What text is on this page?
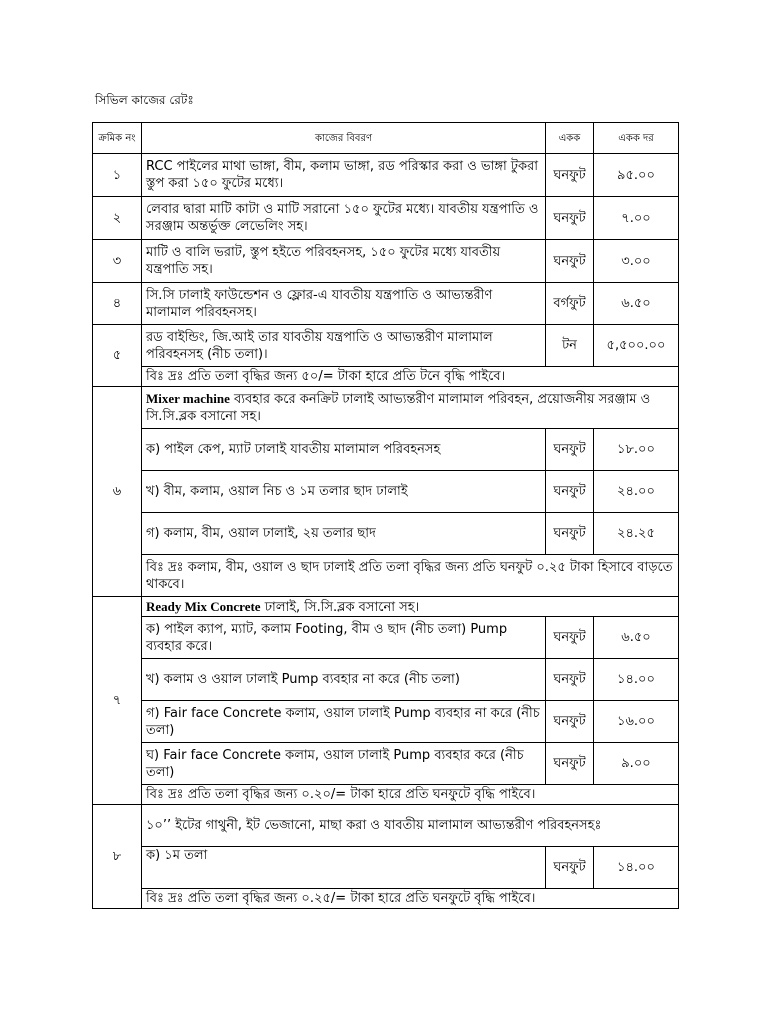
সিভিল কাজের রেটঃ
ক্রমিক নং	কাজের বিবরণ	একক	একক দর
১	RCC পাইলের মাথা ভাঙ্গা, বীম, কলাম ভাঙ্গা, রড পরিস্কার করা ও ভাঙ্গা টুকরা স্তুপ করা ১৫০ ফুটের মধ্যে।	ঘনফুট	৯৫.০০
২	লেবার দ্বারা মাটি কাটা ও মাটি সরানো ১৫০ ফুটের মধ্যে। যাবতীয় যন্ত্রপাতি ও সরঞ্জাম অন্তর্ভুক্ত লেভেলিং সহ।	ঘনফুট	৭.০০
৩	মাটি ও বালি ভরাট, স্তুপ হইতে পরিবহনসহ, ১৫০ ফুটের মধ্যে যাবতীয় যন্ত্রপাতি সহ।	ঘনফুট	৩.০০
৪	সি.সি ঢালাই ফাউন্ডেশন ও ফ্লোর-এ যাবতীয় যন্ত্রপাতি ও আভ্যন্তরীণ মালামাল পরিবহনসহ।	বর্গফুট	৬.৫০
৫	রড বাইন্ডিং, জি.আই তার যাবতীয় যন্ত্রপাতি ও আভ্যন্তরীণ মালামাল পরিবহনসহ (নীচ তলা)।	টন	৫,৫০০.০০
	বিঃ দ্রঃ প্রতি তলা বৃদ্ধির জন্য ৫০/= টাকা হারে প্রতি টনে বৃদ্ধি পাইবে।		
৬	Mixer machine ব্যবহার করে কনক্রিট ঢালাই আভ্যন্তরীণ মালামাল পরিবহন, প্রয়োজনীয় সরঞ্জাম ও সি.সি.ব্লক বসানো সহ।		
	ক) পাইল কেপ, ম্যাট ঢালাই যাবতীয় মালামাল পরিবহনসহ	ঘনফুট	১৮.০০
	খ) বীম, কলাম, ওয়াল নিচ ও ১ম তলার ছাদ ঢালাই	ঘনফুট	২৪.০০
	গ) কলাম, বীম, ওয়াল ঢালাই, ২য় তলার ছাদ	ঘনফুট	২৪.২৫
	বিঃ দ্রঃ কলাম, বীম, ওয়াল ও ছাদ ঢালাই প্রতি তলা বৃদ্ধির জন্য প্রতি ঘনফুট ০.২৫ টাকা হিসাবে বাড়তে থাকবে।		
৭	Ready Mix Concrete ঢালাই, সি.সি.ব্লক বসানো সহ।		
	ক) পাইল ক্যাপ, ম্যাট, কলাম Footing, বীম ও ছাদ (নীচ তলা) Pump ব্যবহার করে।	ঘনফুট	৬.৫০
	খ) কলাম ও ওয়াল ঢালাই Pump ব্যবহার না করে (নীচ তলা)	ঘনফুট	১৪.০০
	গ) Fair face Concrete কলাম, ওয়াল ঢালাই Pump ব্যবহার না করে (নীচ তলা)	ঘনফুট	১৬.০০
	ঘ) Fair face Concrete কলাম, ওয়াল ঢালাই Pump ব্যবহার করে (নীচ তলা)	ঘনফুট	৯.০০
	বিঃ দ্রঃ প্রতি তলা বৃদ্ধির জন্য ০.২০/= টাকা হারে প্রতি ঘনফুটে বৃদ্ধি পাইবে।		
৮	১০’’ ইটের গাথুনী, ইট ভেজানো, মাছা করা ও যাবতীয় মালামাল আভ্যন্তরীণ পরিবহনসহঃ		
	ক) ১ম তলা	ঘনফুট	১৪.০০
	বিঃ দ্রঃ প্রতি তলা বৃদ্ধির জন্য ০.২৫/= টাকা হারে প্রতি ঘনফুটে বৃদ্ধি পাইবে।		
